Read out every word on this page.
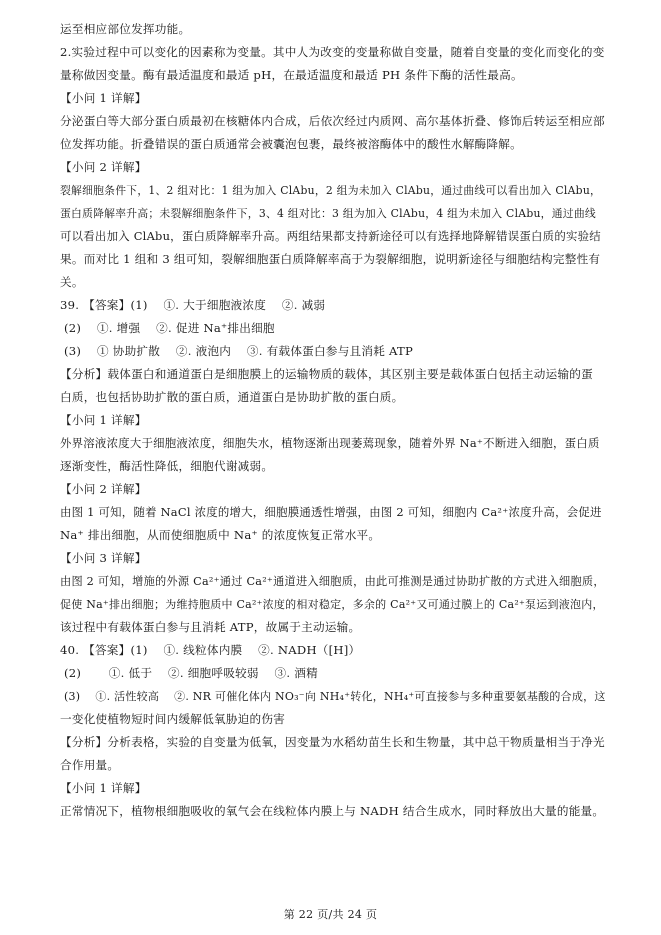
运至相应部位发挥功能。
2.实验过程中可以变化的因素称为变量。其中人为改变的变量称做自变量，随着自变量的变化而变化的变
量称做因变量。酶有最适温度和最适 pH，在最适温度和最适 PH 条件下酶的活性最高。
【小问 1 详解】
分泌蛋白等大部分蛋白质最初在核糖体内合成，后依次经过内质网、高尔基体折叠、修饰后转运至相应部
位发挥功能。折叠错误的蛋白质通常会被囊泡包裹，最终被溶酶体中的酸性水解酶降解。
【小问 2 详解】
裂解细胞条件下，1、2 组对比：1 组为加入 ClAbu，2 组为未加入 ClAbu，通过曲线可以看出加入 ClAbu，
蛋白质降解率升高；未裂解细胞条件下，3、4 组对比：3 组为加入 ClAbu，4 组为未加入 ClAbu，通过曲线
可以看出加入 ClAbu，蛋白质降解率升高。两组结果都支持新途径可以有选择地降解错误蛋白质的实验结
果。而对比 1 组和 3 组可知，裂解细胞蛋白质降解率高于为裂解细胞，说明新途径与细胞结构完整性有
关。
39. 【答案】(1)　 ①. 大于细胞液浓度　 ②. 减弱
(2)　 ①. 增强　 ②. 促进 Na⁺排出细胞
(3)　 ① 协助扩散　 ②. 液泡内　 ③. 有载体蛋白参与且消耗 ATP
【分析】载体蛋白和通道蛋白是细胞膜上的运输物质的载体，其区别主要是载体蛋白包括主动运输的蛋
白质，也包括协助扩散的蛋白质，通道蛋白是协助扩散的蛋白质。
【小问 1 详解】
外界溶液浓度大于细胞液浓度，细胞失水，植物逐渐出现萎蔫现象，随着外界 Na⁺不断进入细胞，蛋白质
逐渐变性，酶活性降低，细胞代谢减弱。
【小问 2 详解】
由图 1 可知，随着 NaCl 浓度的增大，细胞膜通透性增强，由图 2 可知，细胞内 Ca²⁺浓度升高，会促进
Na⁺ 排出细胞，从而使细胞质中 Na⁺ 的浓度恢复正常水平。
【小问 3 详解】
由图 2 可知，增施的外源 Ca²⁺通过 Ca²⁺通道进入细胞质，由此可推测是通过协助扩散的方式进入细胞质，
促使 Na⁺排出细胞；为维持胞质中 Ca²⁺浓度的相对稳定，多余的 Ca²⁺又可通过膜上的 Ca²⁺泵运到液泡内，
该过程中有载体蛋白参与且消耗 ATP，故属于主动运输。
40. 【答案】(1)　 ①. 线粒体内膜　 ②. NADH（[H]）
(2)　　 ①. 低于　 ②. 细胞呼吸较弱　 ③. 酒精
(3)　 ①. 活性较高　 ②. NR 可催化体内 NO₃⁻向 NH₄⁺转化，NH₄⁺可直接参与多种重要氨基酸的合成，这
一变化使植物短时间内缓解低氧胁迫的伤害
【分析】分析表格，实验的自变量为低氧，因变量为水稻幼苗生长和生物量，其中总干物质量相当于净光
合作用量。
【小问 1 详解】
正常情况下，植物根细胞吸收的氧气会在线粒体内膜上与 NADH 结合生成水，同时释放出大量的能量。
第 22 页/共 24 页
